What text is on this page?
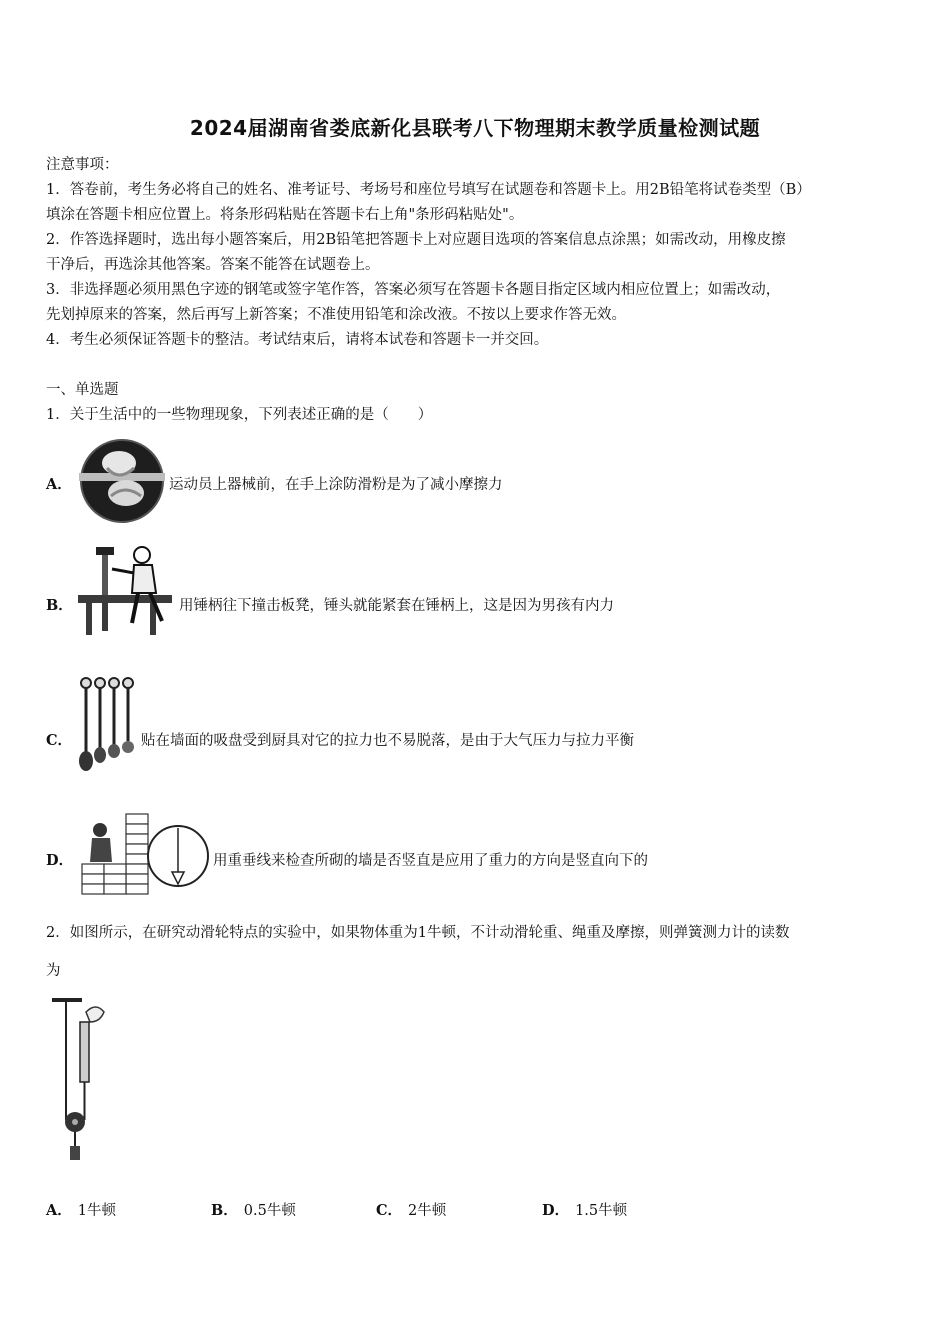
2024届湖南省娄底新化县联考八下物理期末教学质量检测试题
注意事项：
1．答卷前，考生务必将自己的姓名、准考证号、考场号和座位号填写在试题卷和答题卡上。用2B铅笔将试卷类型（B）
填涂在答题卡相应位置上。将条形码粘贴在答题卡右上角"条形码粘贴处"。
2．作答选择题时，选出每小题答案后，用2B铅笔把答题卡上对应题目选项的答案信息点涂黑；如需改动，用橡皮擦
干净后，再选涂其他答案。答案不能答在试题卷上。
3．非选择题必须用黑色字迹的钢笔或签字笔作答，答案必须写在答题卡各题目指定区域内相应位置上；如需改动，
先划掉原来的答案，然后再写上新答案；不准使用铅笔和涂改液。不按以上要求作答无效。
4．考生必须保证答题卡的整洁。考试结束后，请将本试卷和答题卡一并交回。
一、单选题
1．关于生活中的一些物理现象，下列表述正确的是（　　）
A．	运动员上器械前，在手上涂防滑粉是为了减小摩擦力
B．	用锤柄往下撞击板凳，锤头就能紧套在锤柄上，这是因为男孩有内力
C．	贴在墙面的吸盘受到厨具对它的拉力也不易脱落，是由于大气压力与拉力平衡
D．	用重垂线来检查所砌的墙是否竖直是应用了重力的方向是竖直向下的
2．如图所示，在研究动滑轮特点的实验中，如果物体重为1牛顿，不计动滑轮重、绳重及摩擦，则弹簧测力计的读数
为
A． 1牛顿	B． 0.5牛顿	C． 2牛顿	D． 1.5牛顿
